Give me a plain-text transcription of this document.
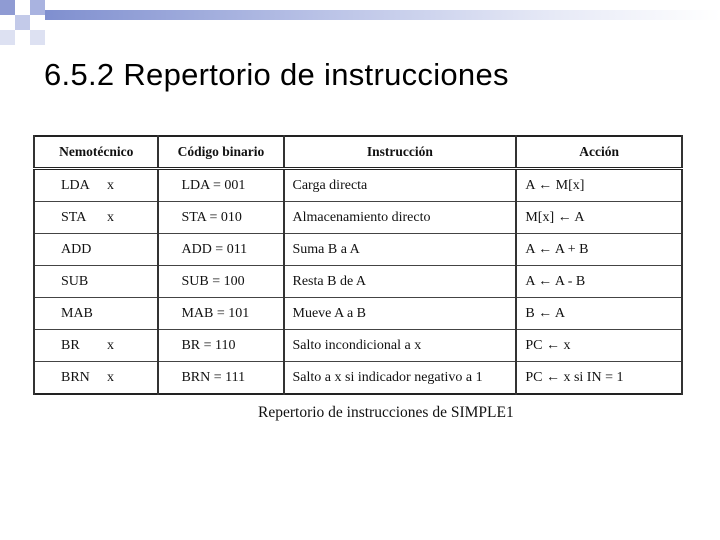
6.5.2 Repertorio de instrucciones
Nemotécnico	Código binario	Instrucción	Acción
LDA x	LDA = 001	Carga directa	A ← M[x]
STA x	STA = 010	Almacenamiento directo	M[x] ← A
ADD	ADD = 011	Suma B a A	A ← A + B
SUB	SUB = 100	Resta B de A	A ← A - B
MAB	MAB = 101	Mueve A a B	B ← A
BR x	BR = 110	Salto incondicional a x	PC ← x
BRN x	BRN = 111	Salto a x si indicador negativo a 1	PC ← x si IN = 1
Repertorio de instrucciones de SIMPLE1
